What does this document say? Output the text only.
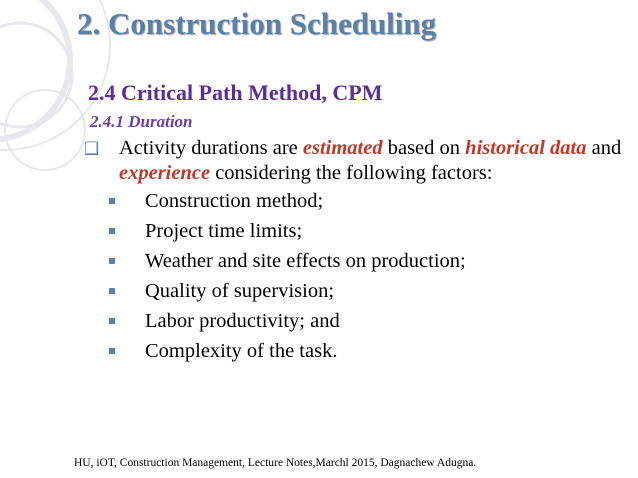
2. Construction Scheduling
2.4 Critical Path Method, CPM
2.4.1 Duration
❑ Activity durations are estimated based on historical data and experience considering the following factors:
Construction method;
Project time limits;
Weather and site effects on production;
Quality of supervision;
Labor productivity; and
Complexity of the task.
HU, iOT, Construction Management, Lecture Notes,Marchl 2015, Dagnachew Adugna.
